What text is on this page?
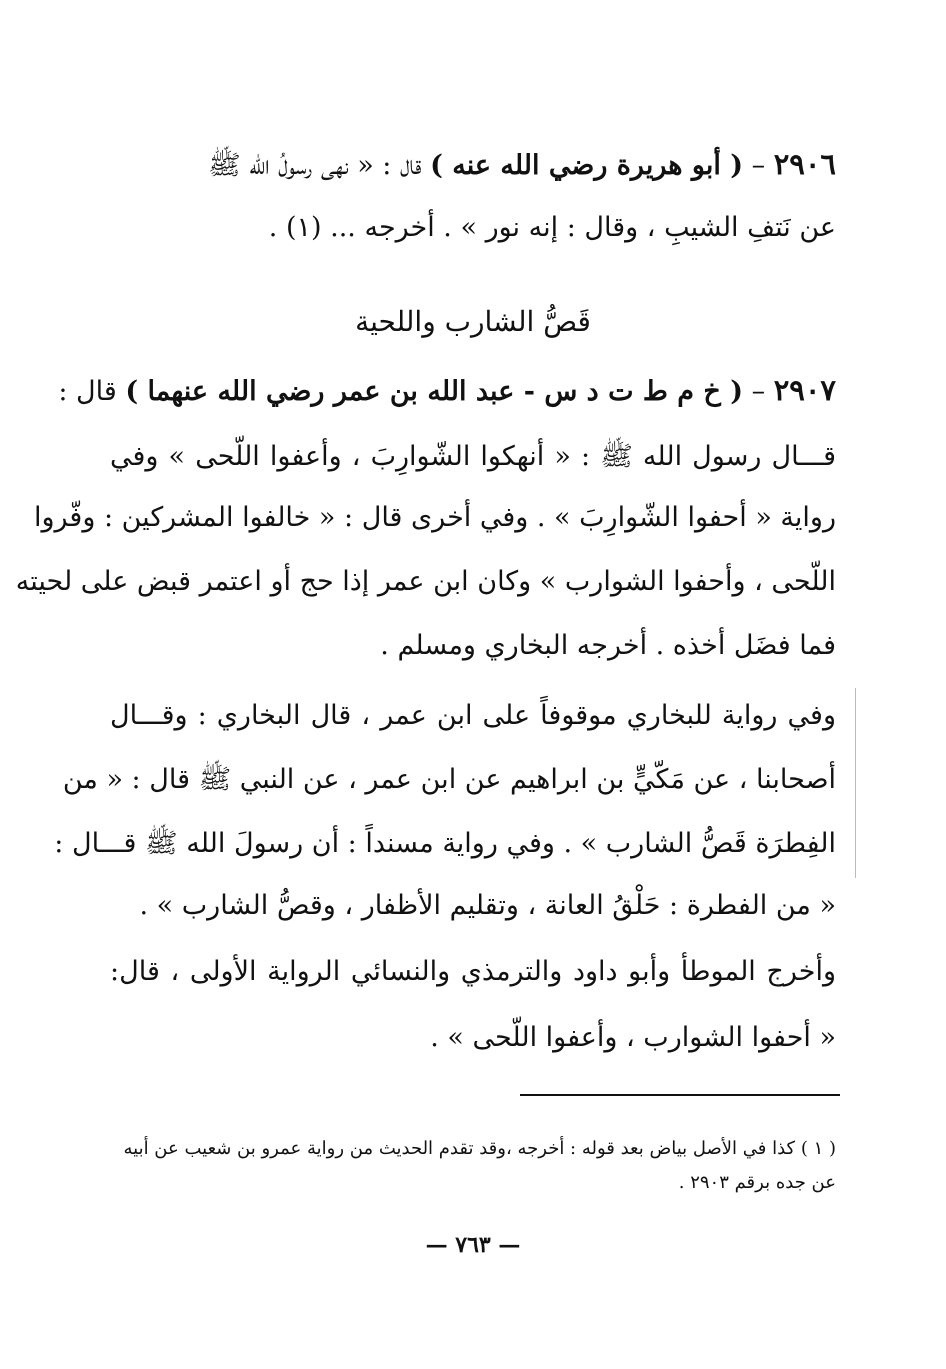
٢٩٠٦ – ( أبو هريرة رضي الله عنه ) قال : « نهى رسولُ الله ﷺ
عن نَتفِ الشيبِ ، وقال : إنه نور » . أخرجه ... (١) .
قَصُّ الشارب واللحية
٢٩٠٧ – ( خ م ط ت د س - عبد الله بن عمر رضي الله عنهما ) قال :
قـــال رسول الله ﷺ : « أنهكوا الشّوارِبَ ، وأعفوا اللّحى » وفي
رواية « أحفوا الشّوارِبَ » . وفي أخرى قال : « خالفوا المشركين : وفّروا
اللّحى ، وأحفوا الشوارب » وكان ابن عمر إذا حج أو اعتمر قبض على لحيته
فما فضَل أخذه . أخرجه البخاري ومسلم .
وفي رواية للبخاري موقوفاً على ابن عمر ، قال البخاري : وقـــال
أصحابنا ، عن مَكّيٍّ بن ابراهيم عن ابن عمر ، عن النبي ﷺ قال : « من
الفِطرَة قَصُّ الشارب » . وفي رواية مسنداً : أن رسولَ الله ﷺ قـــال :
« من الفطرة : حَلْقُ العانة ، وتقليم الأظفار ، وقصُّ الشارب » .
وأخرج الموطأ وأبو داود والترمذي والنسائي الرواية الأولى ، قال:
« أحفوا الشوارب ، وأعفوا اللّحى » .
( ١ ) كذا في الأصل بياض بعد قوله : أخرجه ،وقد تقدم الحديث من رواية عمرو بن شعيب عن أبيه
عن جده برقم ٢٩٠٣ .
— ٧٦٣ —
